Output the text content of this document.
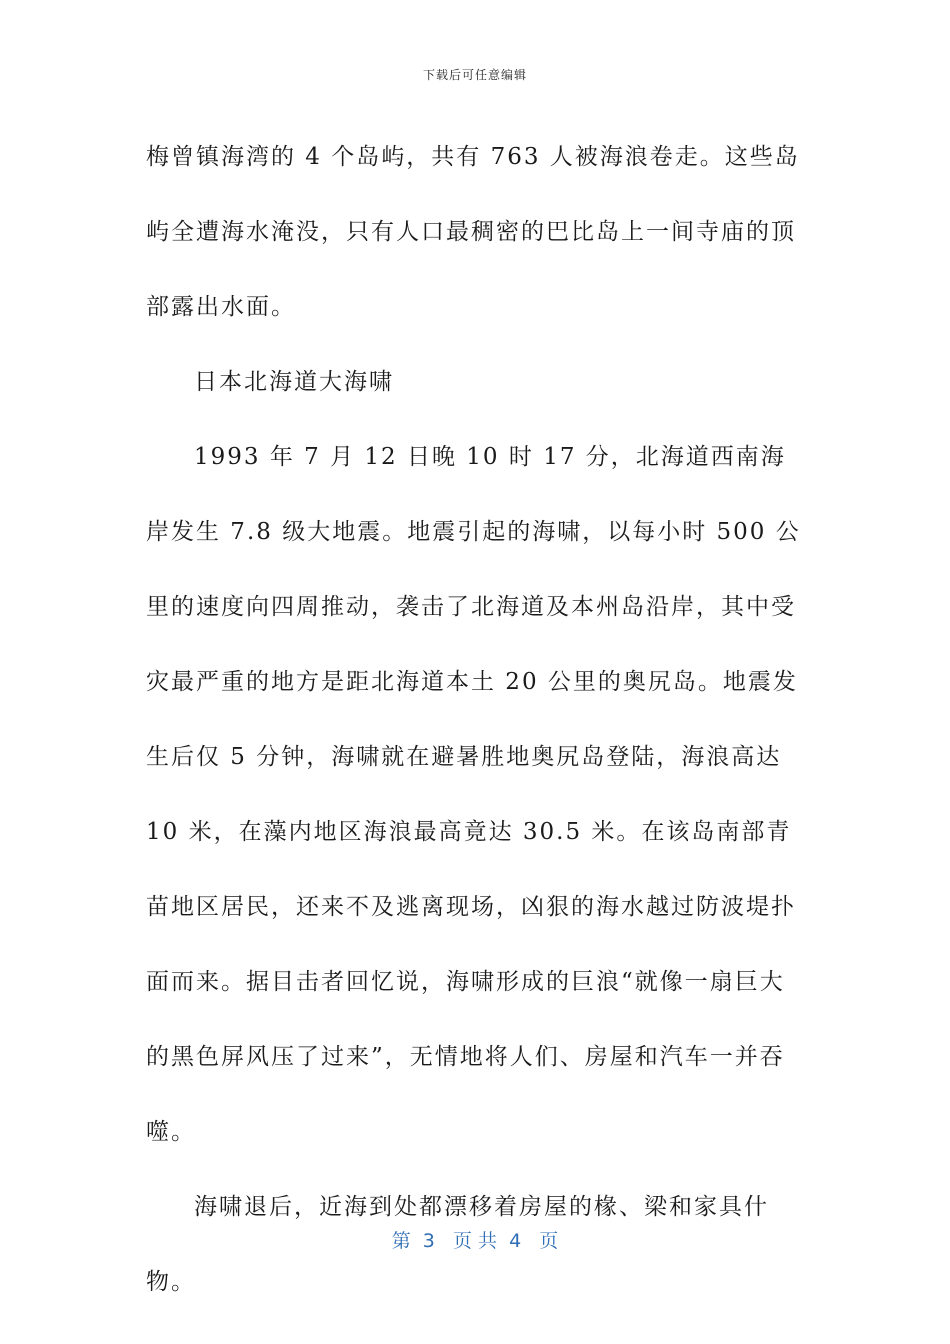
下载后可任意编辑

梅曾镇海湾的 4 个岛屿，共有 763 人被海浪卷走。这些岛屿全遭海水淹没，只有人口最稠密的巴比岛上一间寺庙的顶部露出水面。

日本北海道大海啸

1993 年 7 月 12 日晚 10 时 17 分，北海道西南海岸发生 7.8 级大地震。地震引起的海啸，以每小时 500 公里的速度向四周推动，袭击了北海道及本州岛沿岸，其中受灾最严重的地方是距北海道本土 20 公里的奥尻岛。地震发生后仅 5 分钟，海啸就在避暑胜地奥尻岛登陆，海浪高达 10 米，在藻内地区海浪最高竟达 30.5 米。在该岛南部青苗地区居民，还来不及逃离现场，凶狠的海水越过防波堤扑面而来。据目击者回忆说，海啸形成的巨浪“就像一扇巨大的黑色屏风压了过来”，无情地将人们、房屋和汽车一并吞噬。

海啸退后，近海到处都漂移着房屋的椽、梁和家具什物。

第  3   页 共  4   页
